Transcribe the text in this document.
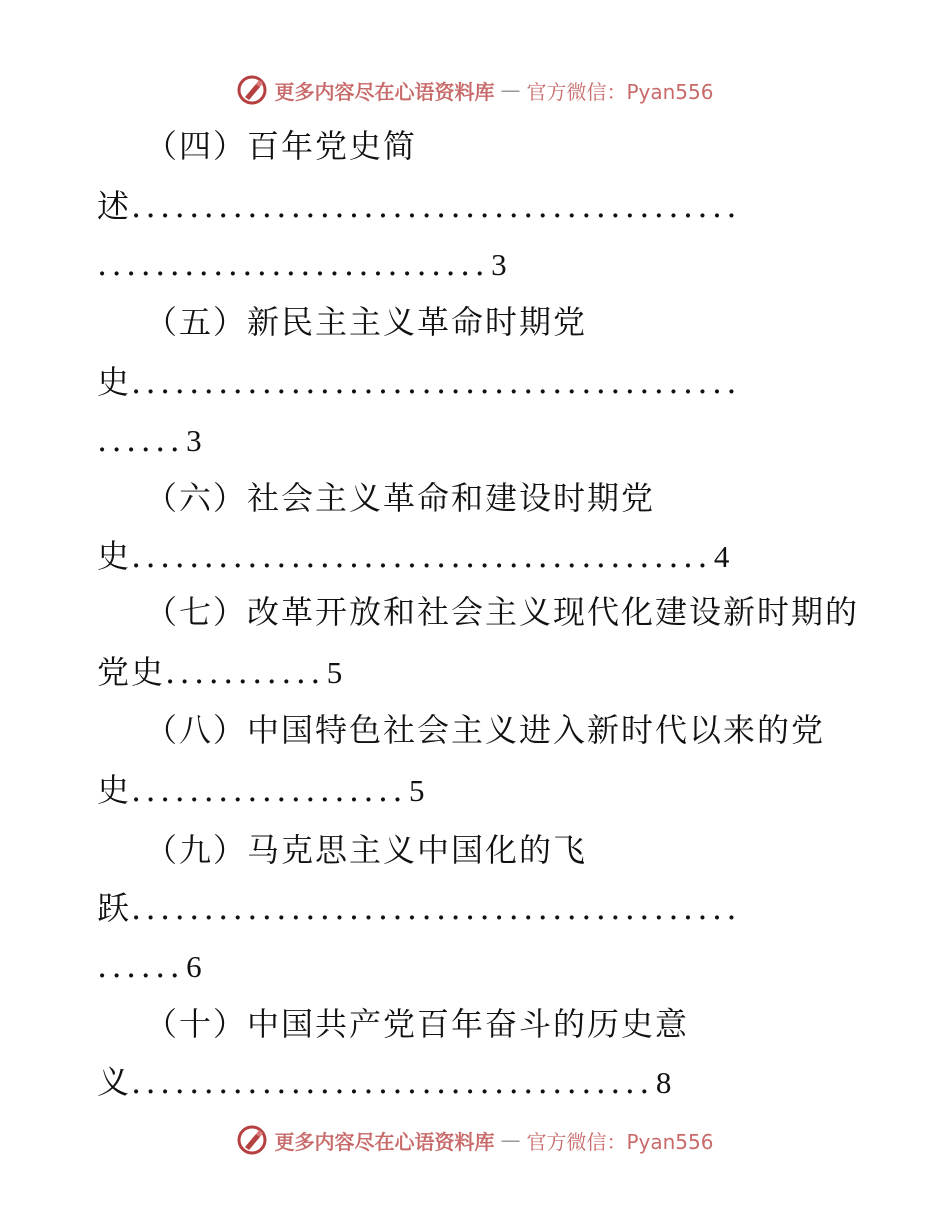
更多内容尽在心语资料库 — 官方微信：Pyan556
（四）百年党史简
述..........................................
...........................3
（五）新民主主义革命时期党
史..........................................
......3
（六）社会主义革命和建设时期党
史........................................4
（七）改革开放和社会主义现代化建设新时期的
党史...........5
（八）中国特色社会主义进入新时代以来的党
史...................5
（九）马克思主义中国化的飞
跃..........................................
......6
（十）中国共产党百年奋斗的历史意
义....................................8
更多内容尽在心语资料库 — 官方微信：Pyan556
